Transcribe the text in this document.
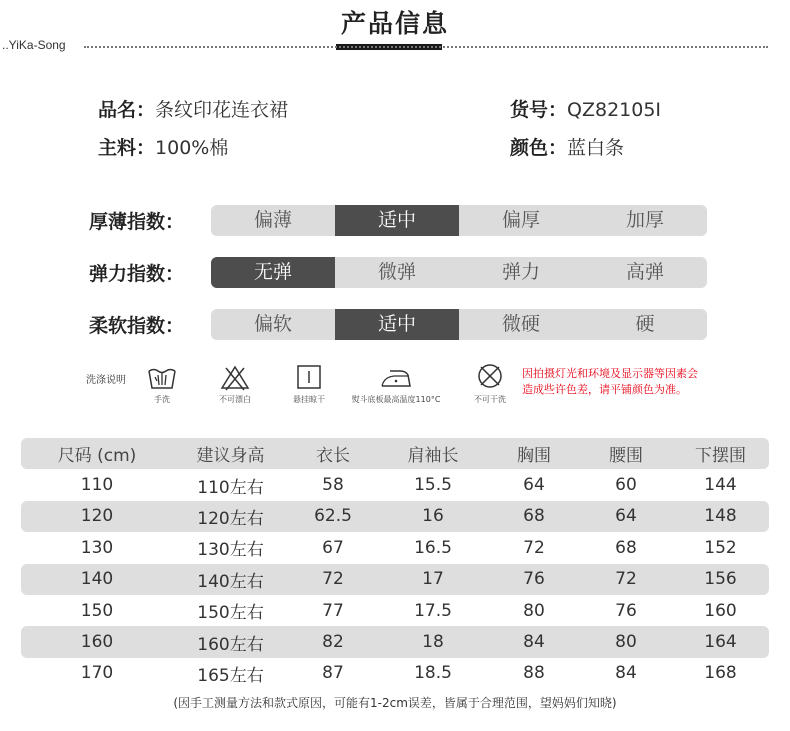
产品信息
..YiKa-Song
品名：条纹印花连衣裙	货号：QZ82105I
主料：100%棉	颜色：蓝白条
厚薄指数：	偏薄	适中	偏厚	加厚
弹力指数：	无弹	微弹	弹力	高弹
柔软指数：	偏软	适中	微硬	硬
洗涤说明
手洗	不可漂白	悬挂晾干	熨斗底板最高温度110°C	不可干洗
因拍摄灯光和环境及显示器等因素会
造成些许色差，请平铺颜色为准。
尺码 (cm)	建议身高	衣长	肩袖长	胸围	腰围	下摆围
110	110左右	58	15.5	64	60	144
120	120左右	62.5	16	68	64	148
130	130左右	67	16.5	72	68	152
140	140左右	72	17	76	72	156
150	150左右	77	17.5	80	76	160
160	160左右	82	18	84	80	164
170	165左右	87	18.5	88	84	168
(因手工测量方法和款式原因，可能有1-2cm误差，皆属于合理范围，望妈妈们知晓)
